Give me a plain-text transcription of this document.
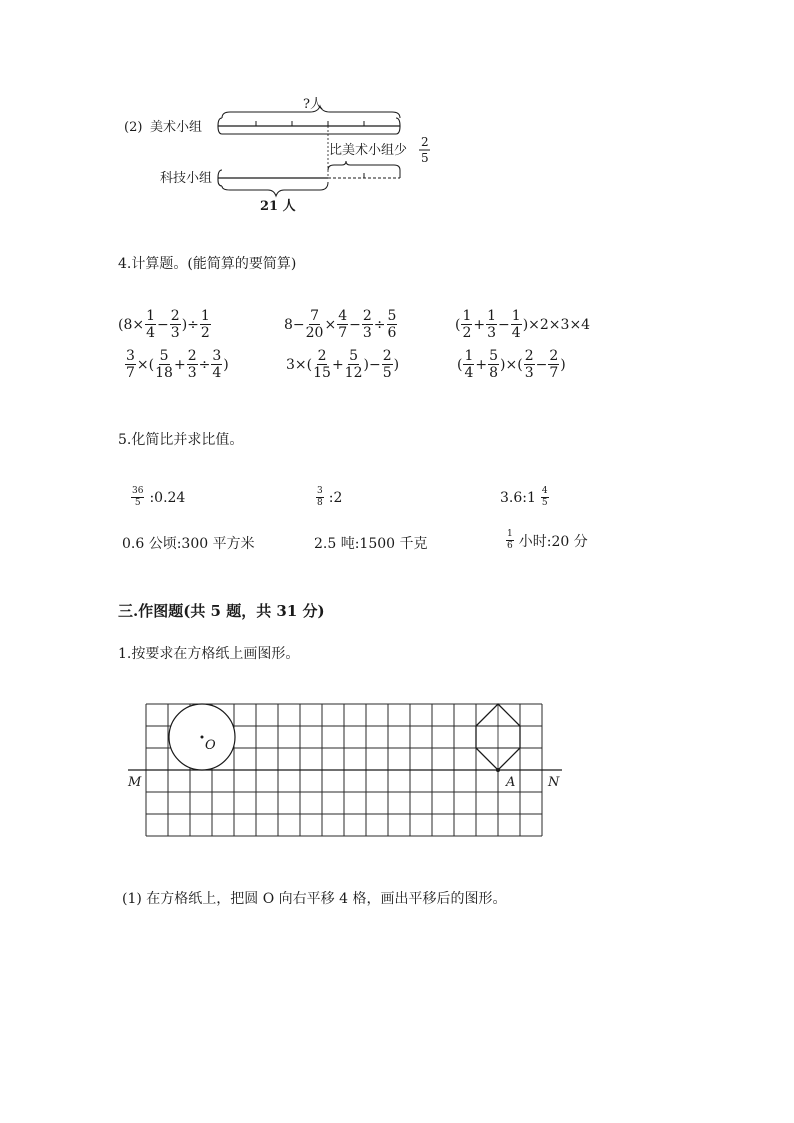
(2) 美术小组
?人
比美术小组少
2
5
科技小组
21 人
4.计算题。(能简算的要简算)
($8\times \frac{1}{4} - \frac{2}{3}$ )÷ $\frac{1}{2}$	$8- \frac{7}{20} \times \frac{4}{7} - \frac{2}{3} \div \frac{5}{6}$	( $\frac{1}{2} + \frac{1}{3} - \frac{1}{4} )\times 2\times 3\times 4$
$\frac{3}{7}$ ×( $\frac{5}{18} + \frac{2}{3} \div \frac{3}{4}$ )	$3\times( \frac{2}{15} + \frac{5}{12}$ )− $\frac{2}{5}$ )	( $\frac{1}{4} + \frac{5}{8}$ )×( $\frac{2}{3} - \frac{2}{7}$ )
5.化简比并求比值。
$\frac{36}{5}$ :0.24	$\frac{3}{8}$ :2	3.6:1 $\frac{4}{5}$
0.6 公顷:300 平方米	2.5 吨:1500 千克	$\frac{1}{6}$ 小时:20 分
三.作图题(共 5 题，共 31 分)
1.按要求在方格纸上画图形。
M	N
O
A
(1) 在方格纸上，把圆 O 向右平移 4 格，画出平移后的图形。
